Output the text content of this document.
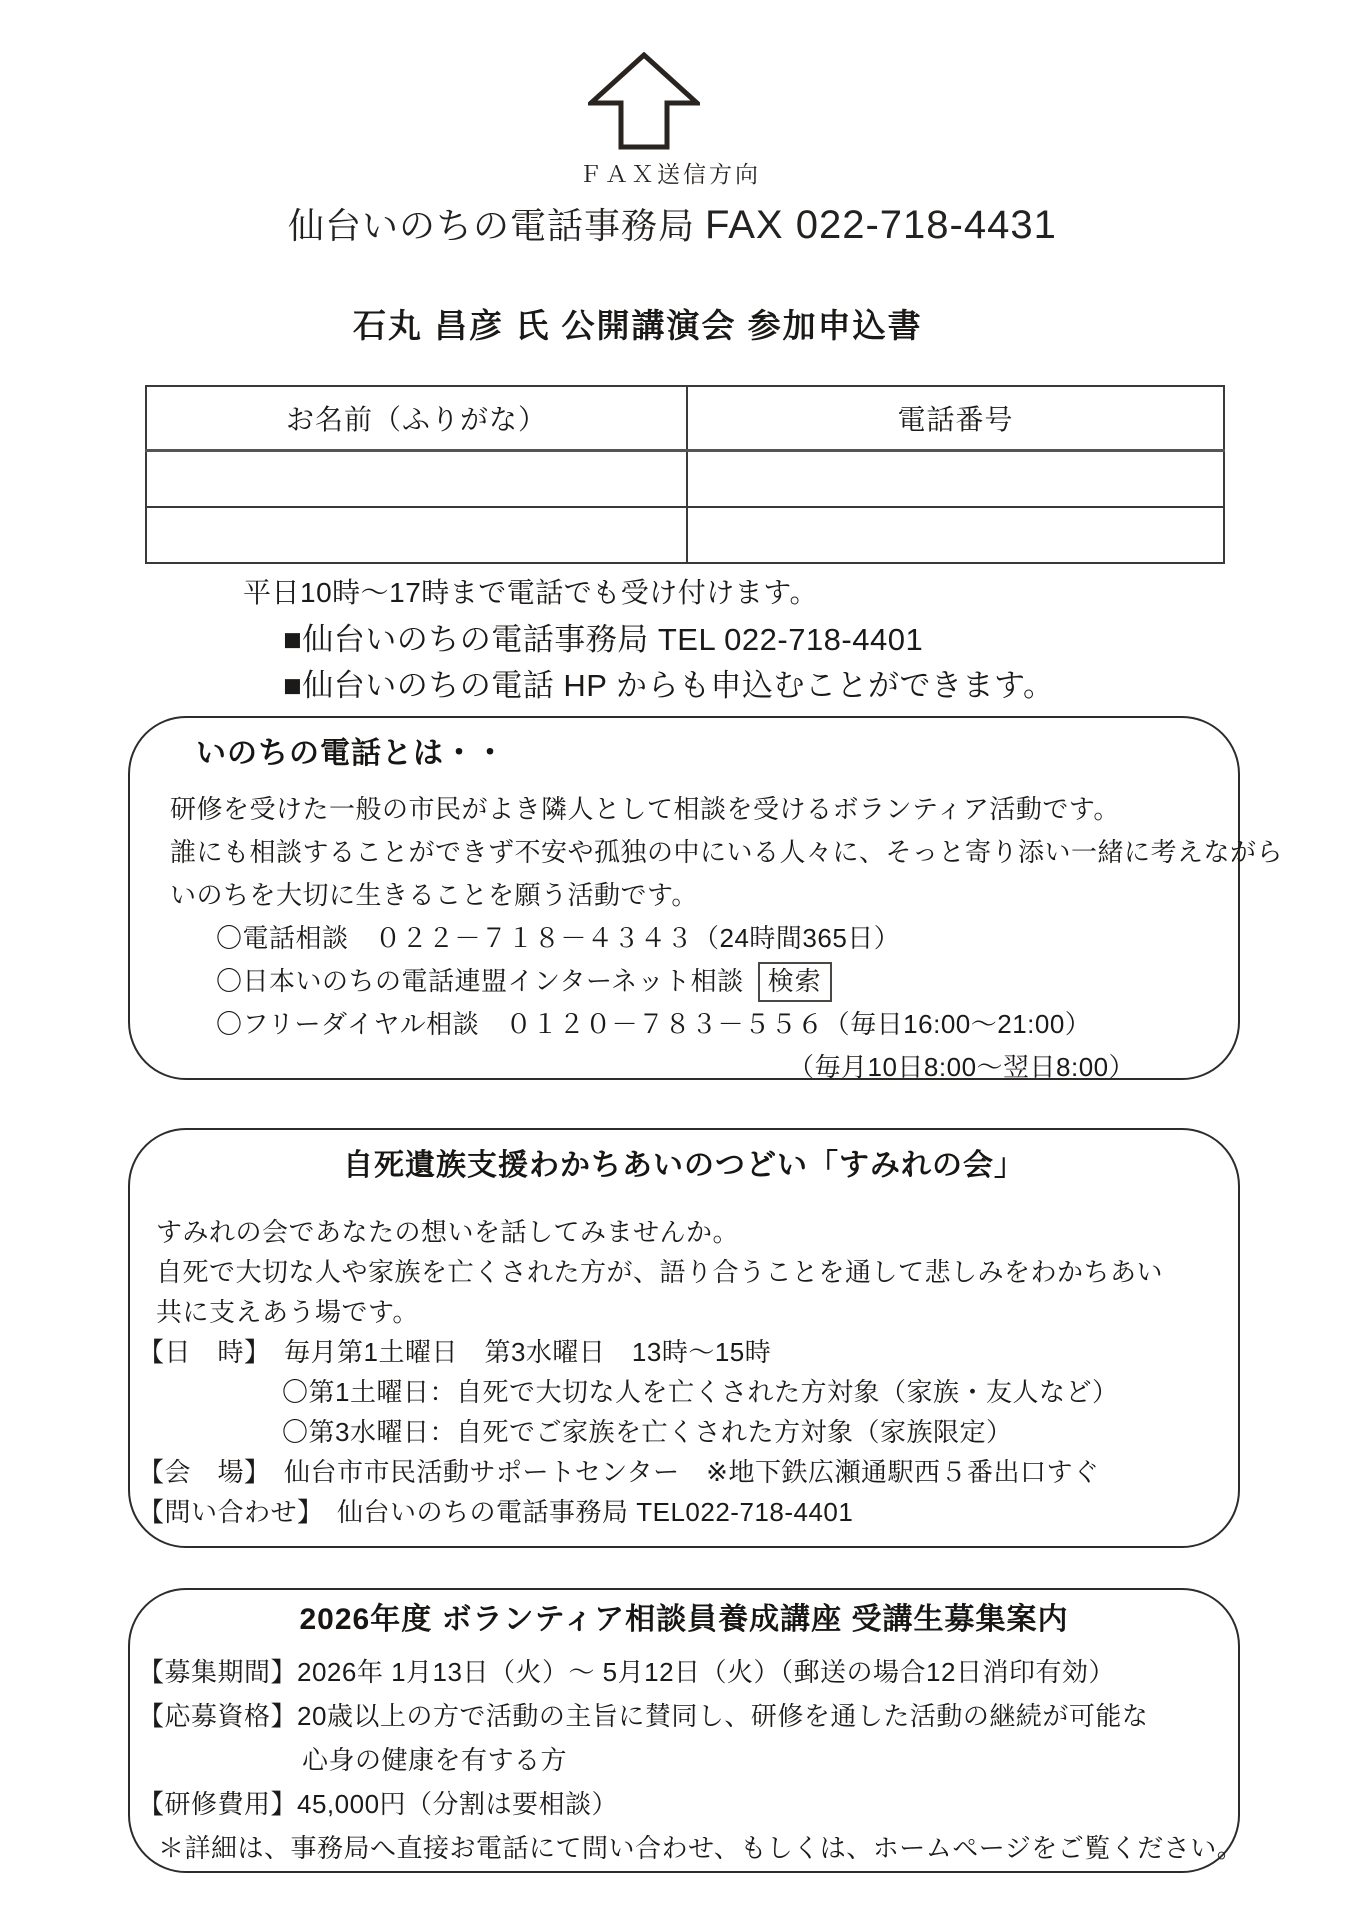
ＦＡＸ送信方向
仙台いのちの電話事務局 FAX 022-718-4431
石丸 昌彦 氏 公開講演会 参加申込書
お名前（ふりがな）	電話番号

平日10時～17時まで電話でも受け付けます。
■仙台いのちの電話事務局 TEL 022-718-4401
■仙台いのちの電話 HP からも申込むことができます。
いのちの電話とは・・
研修を受けた一般の市民がよき隣人として相談を受けるボランティア活動です。
誰にも相談することができず不安や孤独の中にいる人々に、そっと寄り添い一緒に考えながら
いのちを大切に生きることを願う活動です。
〇電話相談　０２２－７１８－４３４３（24時間365日）
〇日本いのちの電話連盟インターネット相談 検索
〇フリーダイヤル相談　０１２０－７８３－５５６（毎日16:00～21:00）
（毎月10日8:00～翌日8:00）
自死遺族支援わかちあいのつどい「すみれの会」
すみれの会であなたの想いを話してみませんか。
自死で大切な人や家族を亡くされた方が、語り合うことを通して悲しみをわかちあい
共に支えあう場です。
【日　時】　毎月第1土曜日　第3水曜日　13時～15時
〇第1土曜日：自死で大切な人を亡くされた方対象（家族・友人など）
〇第3水曜日：自死でご家族を亡くされた方対象（家族限定）
【会　場】　仙台市市民活動サポートセンター　※地下鉄広瀬通駅西５番出口すぐ
【問い合わせ】　仙台いのちの電話事務局 TEL022-718-4401
2026年度 ボランティア相談員養成講座 受講生募集案内
【募集期間】2026年 1月13日（火）～ 5月12日（火）（郵送の場合12日消印有効）
【応募資格】20歳以上の方で活動の主旨に賛同し、研修を通した活動の継続が可能な
心身の健康を有する方
【研修費用】45,000円（分割は要相談）
＊詳細は、事務局へ直接お電話にて問い合わせ、もしくは、ホームページをご覧ください。
